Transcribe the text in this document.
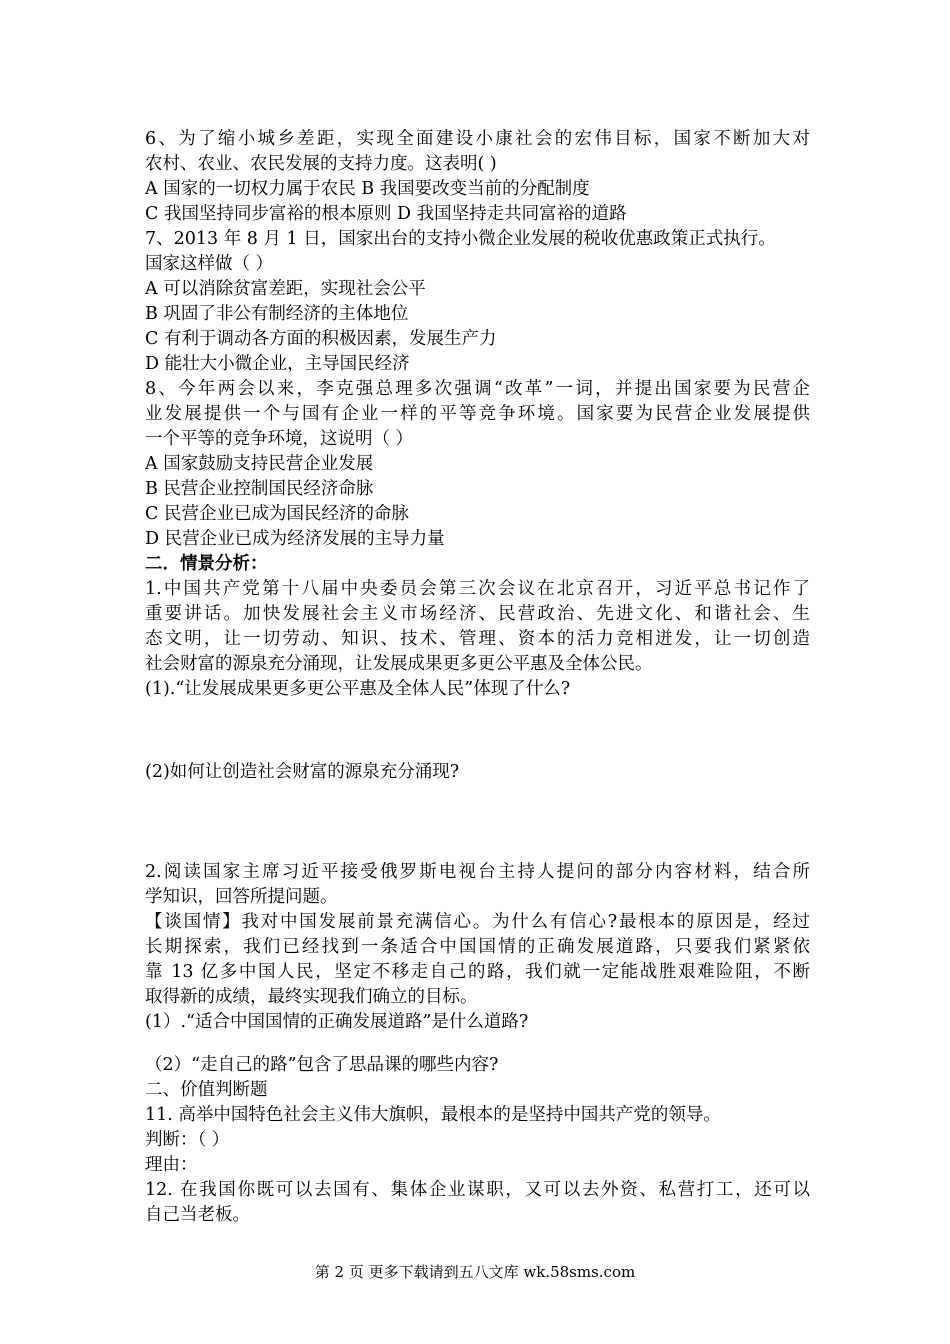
6、为了缩小城乡差距，实现全面建设小康社会的宏伟目标，国家不断加大对
农村、农业、农民发展的支持力度。这表明( )
A 国家的一切权力属于农民 B 我国要改变当前的分配制度
C 我国坚持同步富裕的根本原则 D 我国坚持走共同富裕的道路
7、2013 年 8 月 1 日，国家出台的支持小微企业发展的税收优惠政策正式执行。
国家这样做（ ）
A 可以消除贫富差距，实现社会公平
B 巩固了非公有制经济的主体地位
C 有利于调动各方面的积极因素，发展生产力
D 能壮大小微企业，主导国民经济
8、今年两会以来，李克强总理多次强调“改革”一词，并提出国家要为民营企
业发展提供一个与国有企业一样的平等竞争环境。国家要为民营企业发展提供
一个平等的竞争环境，这说明（ ）
A 国家鼓励支持民营企业发展
B 民营企业控制国民经济命脉
C 民营企业已成为国民经济的命脉
D 民营企业已成为经济发展的主导力量
二．情景分析：
1.中国共产党第十八届中央委员会第三次会议在北京召开，习近平总书记作了
重要讲话。加快发展社会主义市场经济、民营政治、先进文化、和谐社会、生
态文明，让一切劳动、知识、技术、管理、资本的活力竞相迸发，让一切创造
社会财富的源泉充分涌现，让发展成果更多更公平惠及全体公民。
(1).“让发展成果更多更公平惠及全体人民”体现了什么?
(2)如何让创造社会财富的源泉充分涌现?
2.阅读国家主席习近平接受俄罗斯电视台主持人提问的部分内容材料，结合所
学知识，回答所提问题。
【谈国情】我对中国发展前景充满信心。为什么有信心?最根本的原因是，经过
长期探索，我们已经找到一条适合中国国情的正确发展道路，只要我们紧紧依
靠 13 亿多中国人民，坚定不移走自己的路，我们就一定能战胜艰难险阻，不断
取得新的成绩，最终实现我们确立的目标。
(1）.“适合中国国情的正确发展道路”是什么道路?
（2）“走自己的路”包含了思品课的哪些内容?
二、价值判断题
11. 高举中国特色社会主义伟大旗帜，最根本的是坚持中国共产党的领导。
判断：（ ）
理由：
12. 在我国你既可以去国有、集体企业谋职，又可以去外资、私营打工，还可以
自己当老板。
第 2 页 更多下载请到五八文库 wk.58sms.com
